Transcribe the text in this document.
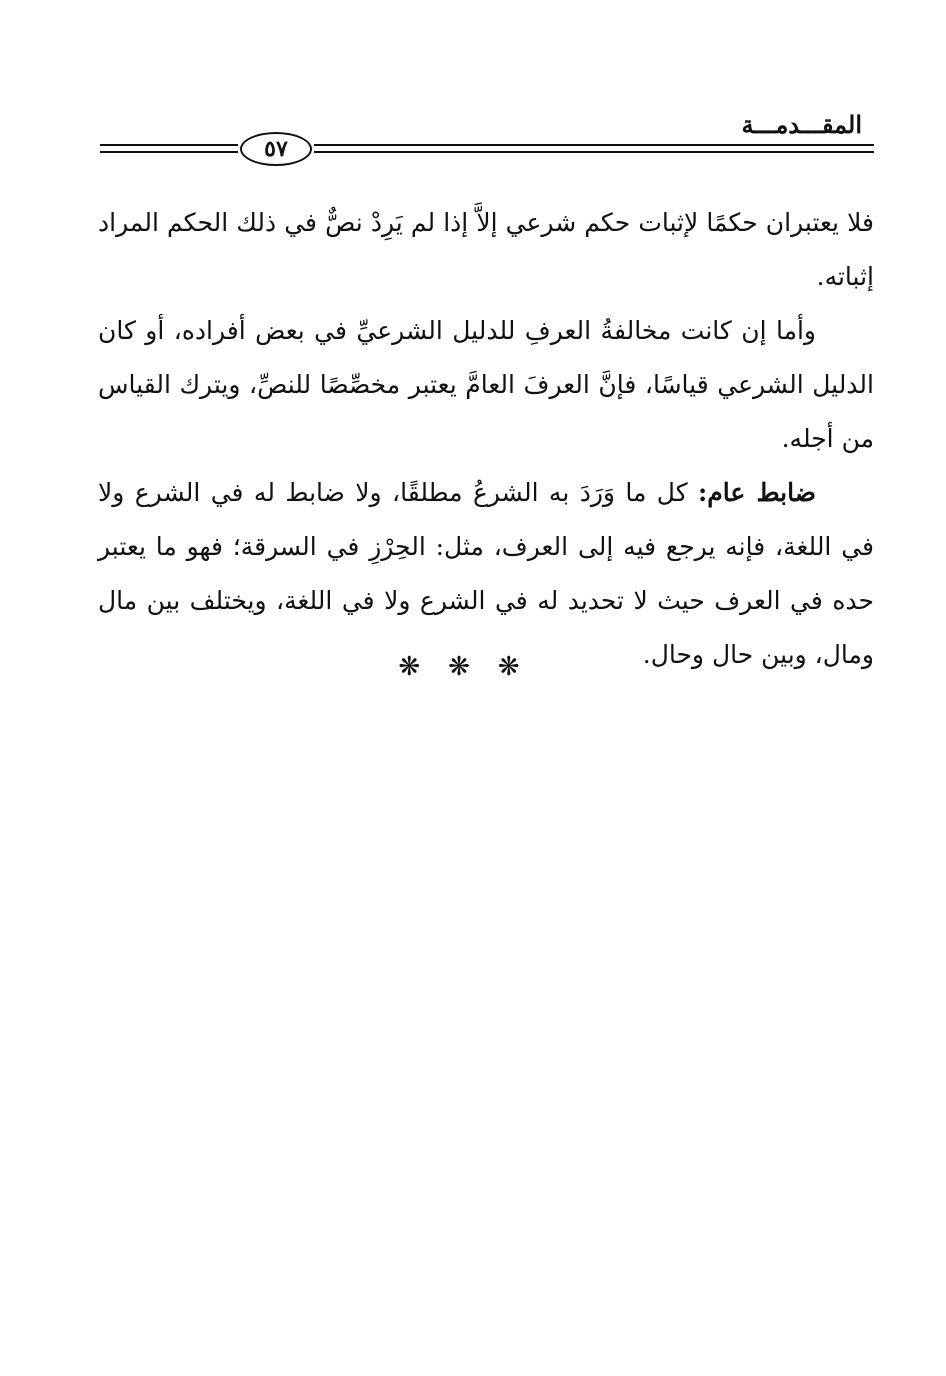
المقـــدمـــة
٥٧

فلا يعتبران حكمًا لإثبات حكم شرعي إلاَّ إذا لم يَرِدْ نصٌّ في ذلك الحكم المراد إثباته.

وأما إن كانت مخالفةُ العرفِ للدليل الشرعيِّ في بعض أفراده، أو كان الدليل الشرعي قياسًا، فإنَّ العرفَ العامَّ يعتبر مخصِّصًا للنصِّ، ويترك القياس من أجله.

ضابط عام: كل ما وَرَدَ به الشرعُ مطلقًا، ولا ضابط له في الشرع ولا في اللغة، فإنه يرجع فيه إلى العرف، مثل: الحِرْزِ في السرقة؛ فهو ما يعتبر حده في العرف حيث لا تحديد له في الشرع ولا في اللغة، ويختلف بين مال ومال، وبين حال وحال.

❋❋❋
